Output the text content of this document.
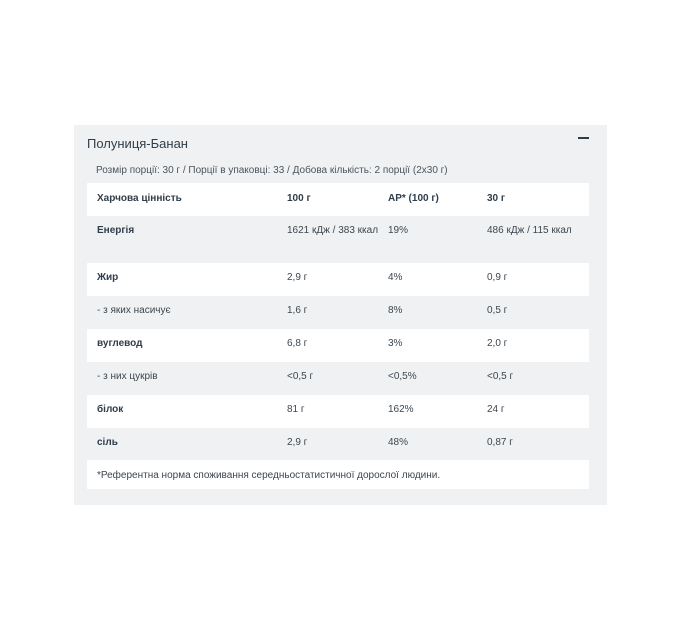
Полуниця-Банан
Розмір порції: 30 г / Порції в упаковці: 33 / Добова кількість: 2 порції (2x30 г)
Харчова цінність	100 г	AP* (100 г)	30 г
Енергія	1621 кДж / 383 ккал	19%	486 кДж / 115 ккал
Жир	2,9 г	4%	0,9 г
- з яких насичує	1,6 г	8%	0,5 г
вуглевод	6,8 г	3%	2,0 г
- з них цукрів	<0,5 г	<0,5%	<0,5 г
білок	81 г	162%	24 г
сіль	2,9 г	48%	0,87 г
*Референтна норма споживання середньостатистичної дорослої людини.
